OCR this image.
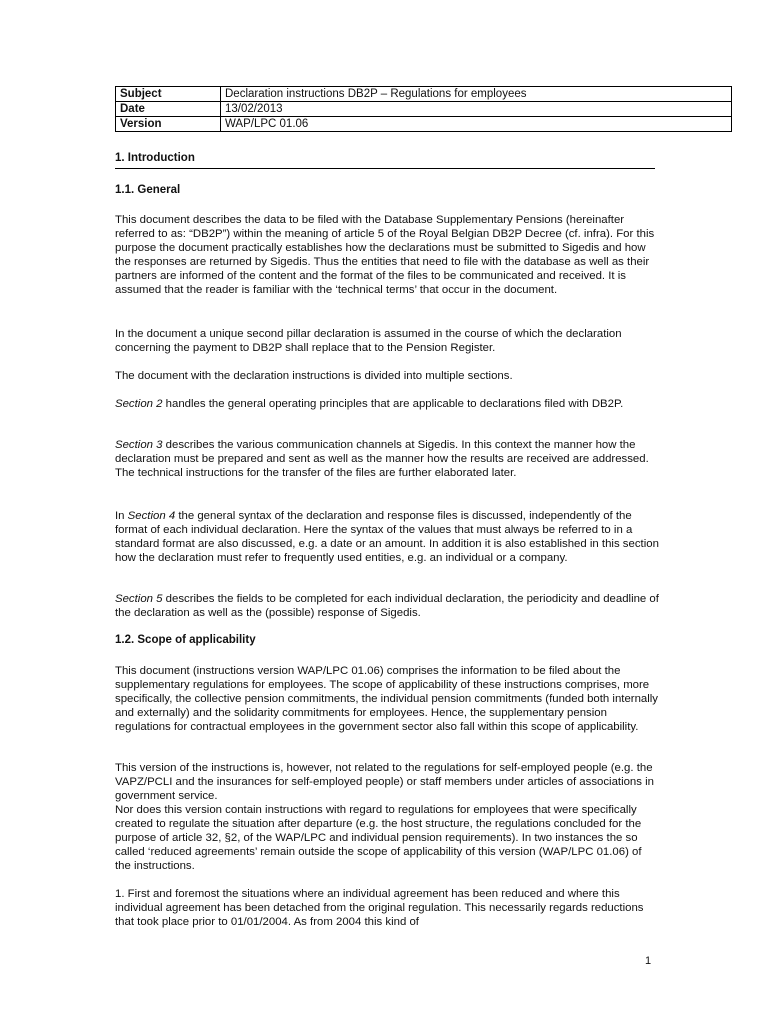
Subject	Declaration instructions DB2P – Regulations for employees
Date	13/02/2013
Version	WAP/LPC 01.06
1. Introduction
1.1. General

This document describes the data to be filed with the Database Supplementary Pensions (hereinafter referred to as: “DB2P”) within the meaning of article 5 of the Royal Belgian DB2P Decree (cf. infra). For this purpose the document practically establishes how the declarations must be submitted to Sigedis and how the responses are returned by Sigedis. Thus the entities that need to file with the database as well as their partners are informed of the content and the format of the files to be communicated and received. It is assumed that the reader is familiar with the ‘technical terms’ that occur in the document.

In the document a unique second pillar declaration is assumed in the course of which the declaration concerning the payment to DB2P shall replace that to the Pension Register.

The document with the declaration instructions is divided into multiple sections.

Section 2 handles the general operating principles that are applicable to declarations filed with DB2P.

Section 3 describes the various communication channels at Sigedis. In this context the manner how the declaration must be prepared and sent as well as the manner how the results are received are addressed. The technical instructions for the transfer of the files are further elaborated later.

In Section 4 the general syntax of the declaration and response files is discussed, independently of the format of each individual declaration. Here the syntax of the values that must always be referred to in a standard format are also discussed, e.g. a date or an amount. In addition it is also established in this section how the declaration must refer to frequently used entities, e.g. an individual or a company.

Section 5 describes the fields to be completed for each individual declaration, the periodicity and deadline of the declaration as well as the (possible) response of Sigedis.

1.2. Scope of applicability

This document (instructions version WAP/LPC 01.06) comprises the information to be filed about the supplementary regulations for employees. The scope of applicability of these instructions comprises, more specifically, the collective pension commitments, the individual pension commitments (funded both internally and externally) and the solidarity commitments for employees. Hence, the supplementary pension regulations for contractual employees in the government sector also fall within this scope of applicability.

This version of the instructions is, however, not related to the regulations for self-employed people (e.g. the VAPZ/PCLI and the insurances for self-employed people) or staff members under articles of associations in government service.

Nor does this version contain instructions with regard to regulations for employees that were specifically created to regulate the situation after departure (e.g. the host structure, the regulations concluded for the purpose of article 32, §2, of the WAP/LPC and individual pension requirements). In two instances the so called ‘reduced agreements’ remain outside the scope of applicability of this version (WAP/LPC 01.06) of the instructions.

1. First and foremost the situations where an individual agreement has been reduced and where this individual agreement has been detached from the original regulation. This necessarily regards reductions that took place prior to 01/01/2004. As from 2004 this kind of

1
